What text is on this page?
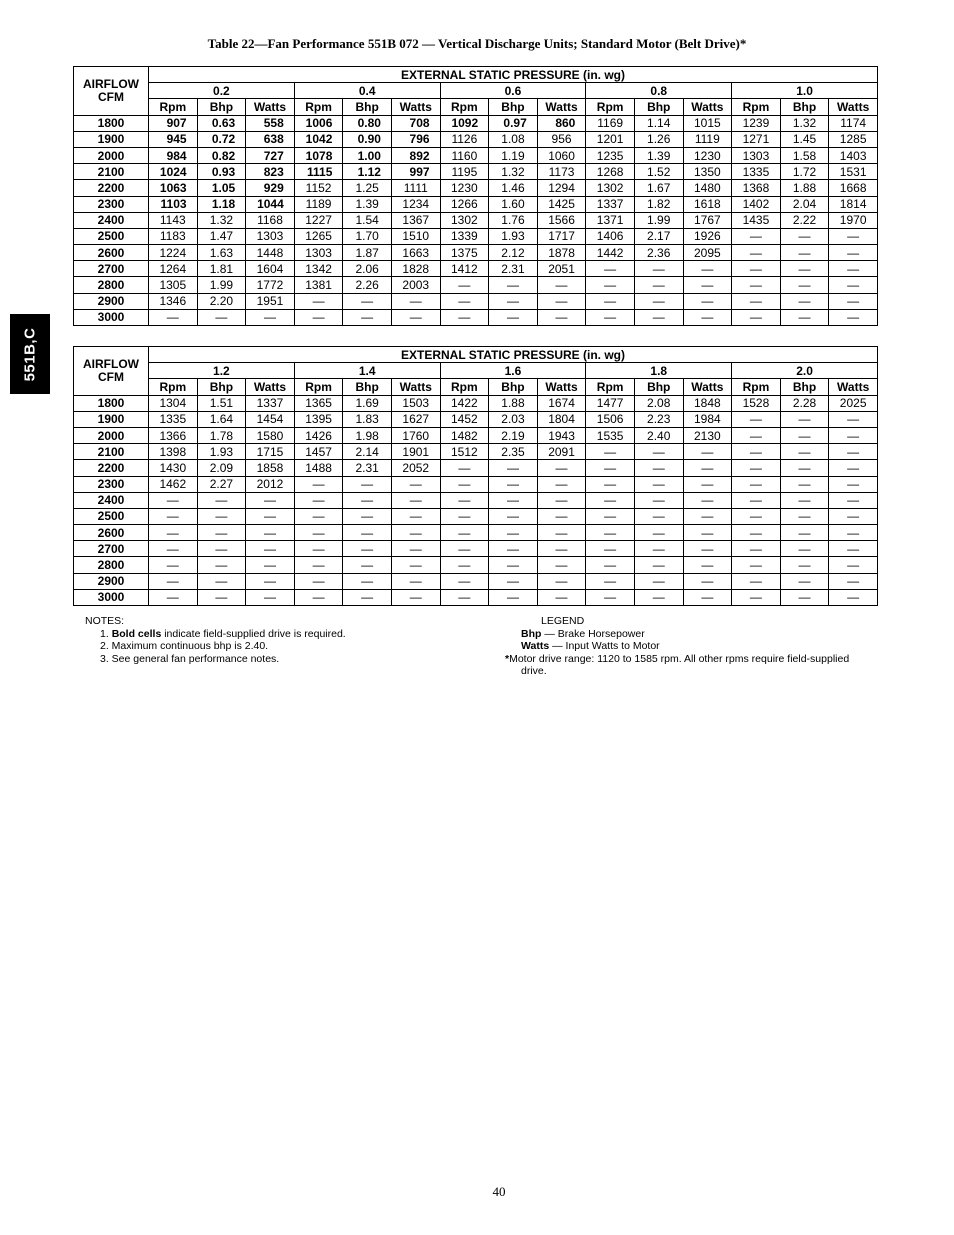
Table 22—Fan Performance 551B 072 — Vertical Discharge Units; Standard Motor (Belt Drive)*
551B,C
AIRFLOW
CFM	EXTERNAL STATIC PRESSURE (in. wg)														
	0.2			0.4			0.6			0.8			1.0		
	Rpm	Bhp	Watts	Rpm	Bhp	Watts	Rpm	Bhp	Watts	Rpm	Bhp	Watts	Rpm	Bhp	Watts
1800	907	0.63	558	1006	0.80	708	1092	0.97	860	1169	1.14	1015	1239	1.32	1174
1900	945	0.72	638	1042	0.90	796	1126	1.08	956	1201	1.26	1119	1271	1.45	1285
2000	984	0.82	727	1078	1.00	892	1160	1.19	1060	1235	1.39	1230	1303	1.58	1403
2100	1024	0.93	823	1115	1.12	997	1195	1.32	1173	1268	1.52	1350	1335	1.72	1531
2200	1063	1.05	929	1152	1.25	1111	1230	1.46	1294	1302	1.67	1480	1368	1.88	1668
2300	1103	1.18	1044	1189	1.39	1234	1266	1.60	1425	1337	1.82	1618	1402	2.04	1814
2400	1143	1.32	1168	1227	1.54	1367	1302	1.76	1566	1371	1.99	1767	1435	2.22	1970
2500	1183	1.47	1303	1265	1.70	1510	1339	1.93	1717	1406	2.17	1926	—	—	—
2600	1224	1.63	1448	1303	1.87	1663	1375	2.12	1878	1442	2.36	2095	—	—	—
2700	1264	1.81	1604	1342	2.06	1828	1412	2.31	2051	—	—	—	—	—	—
2800	1305	1.99	1772	1381	2.26	2003	—	—	—	—	—	—	—	—	—
2900	1346	2.20	1951	—	—	—	—	—	—	—	—	—	—	—	—
3000	—	—	—	—	—	—	—	—	—	—	—	—	—	—	—
AIRFLOW
CFM	EXTERNAL STATIC PRESSURE (in. wg)														
	1.2			1.4			1.6			1.8			2.0		
	Rpm	Bhp	Watts	Rpm	Bhp	Watts	Rpm	Bhp	Watts	Rpm	Bhp	Watts	Rpm	Bhp	Watts
1800	1304	1.51	1337	1365	1.69	1503	1422	1.88	1674	1477	2.08	1848	1528	2.28	2025
1900	1335	1.64	1454	1395	1.83	1627	1452	2.03	1804	1506	2.23	1984	—	—	—
2000	1366	1.78	1580	1426	1.98	1760	1482	2.19	1943	1535	2.40	2130	—	—	—
2100	1398	1.93	1715	1457	2.14	1901	1512	2.35	2091	—	—	—	—	—	—
2200	1430	2.09	1858	1488	2.31	2052	—	—	—	—	—	—	—	—	—
2300	1462	2.27	2012	—	—	—	—	—	—	—	—	—	—	—	—
2400	—	—	—	—	—	—	—	—	—	—	—	—	—	—	—
2500	—	—	—	—	—	—	—	—	—	—	—	—	—	—	—
2600	—	—	—	—	—	—	—	—	—	—	—	—	—	—	—
2700	—	—	—	—	—	—	—	—	—	—	—	—	—	—	—
2800	—	—	—	—	—	—	—	—	—	—	—	—	—	—	—
2900	—	—	—	—	—	—	—	—	—	—	—	—	—	—	—
3000	—	—	—	—	—	—	—	—	—	—	—	—	—	—	—
NOTES:
1. Bold cells indicate field-supplied drive is required.
2. Maximum continuous bhp is 2.40.
3. See general fan performance notes.
LEGEND
Bhp — Brake Horsepower
Watts — Input Watts to Motor
*Motor drive range: 1120 to 1585 rpm. All other rpms require field-supplied
drive.
40
